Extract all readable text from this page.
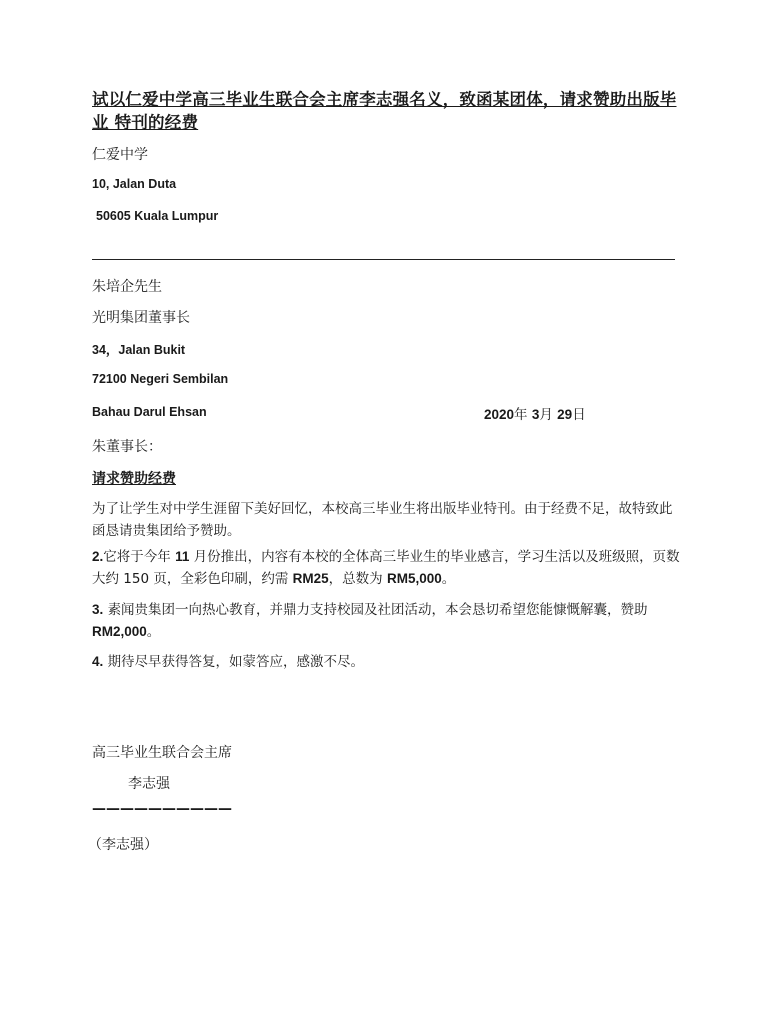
试以仁爱中学高三毕业生联合会主席李志强名义，致函某团体，请求赞助出版毕业 特刊的经费
仁爱中学
10, Jalan Duta
50605 Kuala Lumpur
朱培企先生
光明集团董事长
34，Jalan Bukit
72100 Negeri Sembilan
Bahau Darul Ehsan	2020年 3月 29日
朱董事长：
请求赞助经费
为了让学生对中学生涯留下美好回忆，本校高三毕业生将出版毕业特刊。由于经费不足，故特致此函恳请贵集团给予赞助。
2.它将于今年 11 月份推出，内容有本校的全体高三毕业生的毕业感言，学习生活以及班级照，页数大约 150 页，全彩色印刷，约需 RM25，总数为 RM5,000。
3. 素闻贵集团一向热心教育，并鼎力支持校园及社团活动，本会恳切希望您能慷慨解囊，赞助RM2,000。
4. 期待尽早获得答复，如蒙答应，感激不尽。
高三毕业生联合会主席
李志强
——————————
（李志强）
